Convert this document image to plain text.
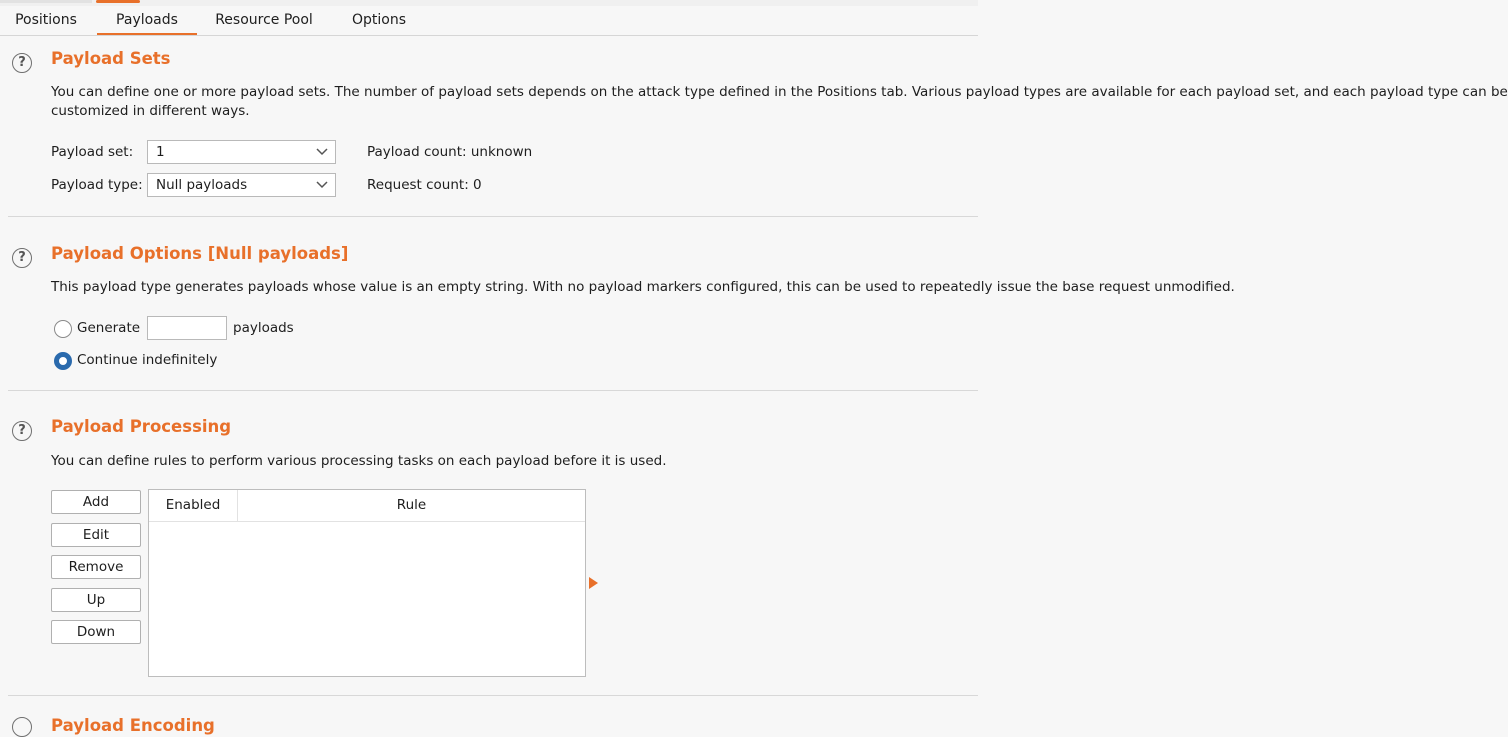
Positions	Payloads	Resource Pool	Options
?	Payload Sets
You can define one or more payload sets. The number of payload sets depends on the attack type defined in the Positions tab. Various payload types are available for each payload set, and each payload type can be
customized in different ways.
Payload set:	1	Payload count: unknown
Payload type: Null payloads	Request count: 0
?	Payload Options [Null payloads]
This payload type generates payloads whose value is an empty string. With no payload markers configured, this can be used to repeatedly issue the base request unmodified.
Generate	payloads
Continue indefinitely
?	Payload Processing
You can define rules to perform various processing tasks on each payload before it is used.
Add
Edit
Remove
Up
Down
Enabled	Rule
Payload Encoding
